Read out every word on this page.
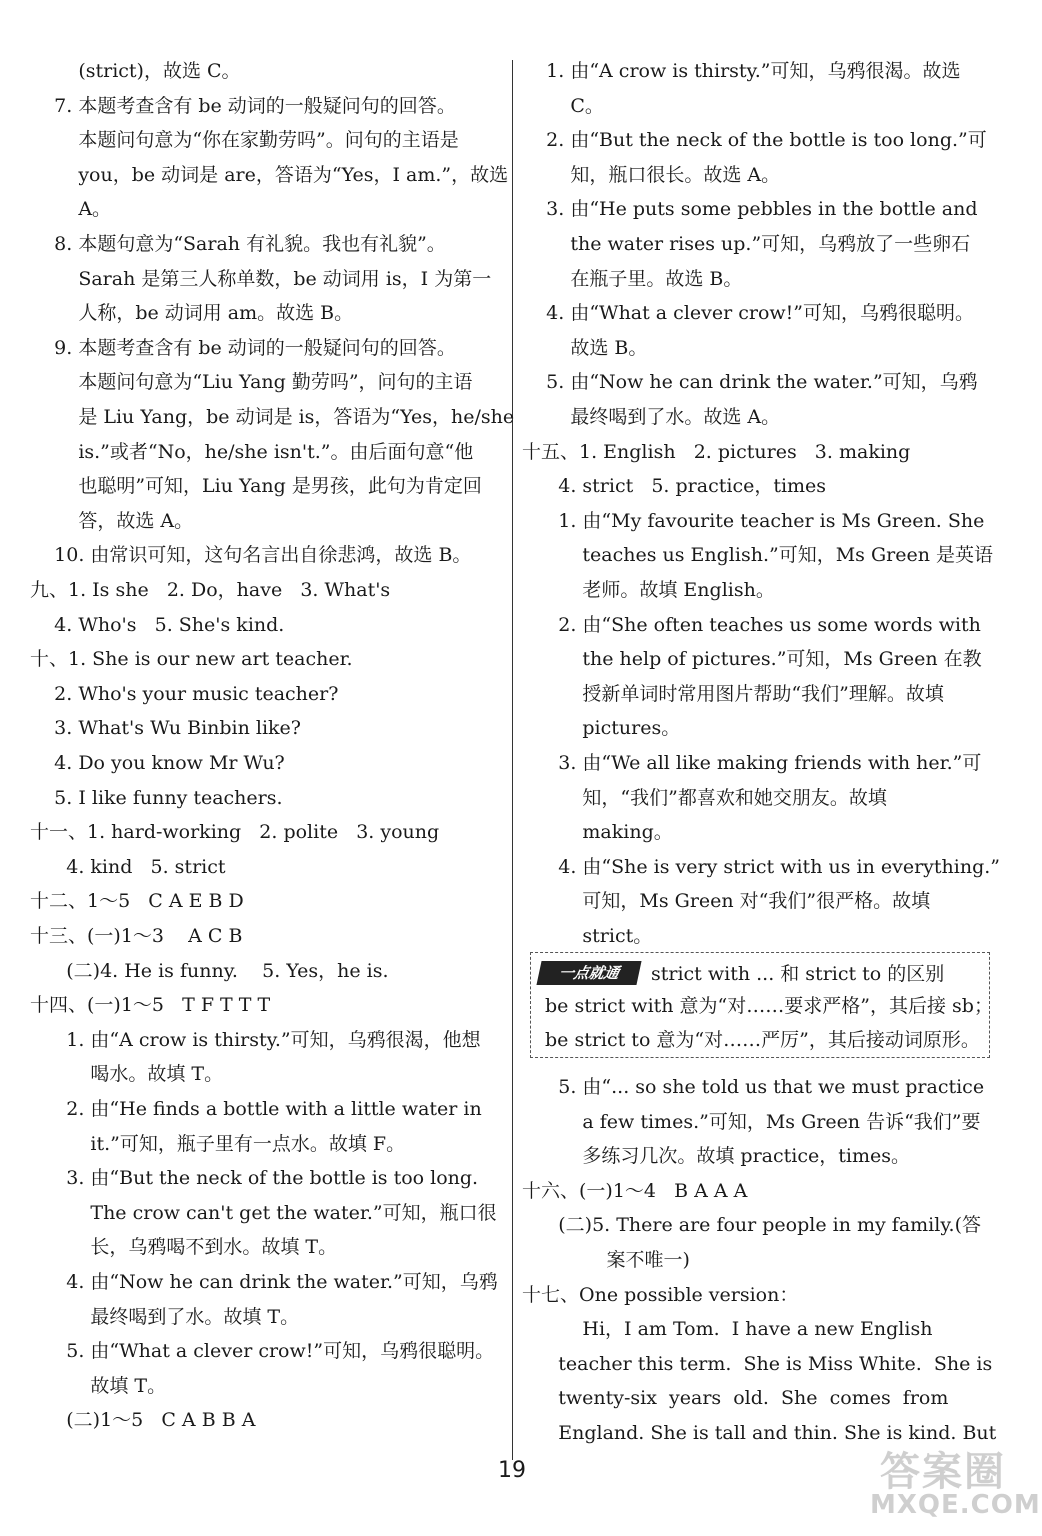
(strict)，故选 C。
7. 本题考查含有 be 动词的一般疑问句的回答。
本题问句意为“你在家勤劳吗”。问句的主语是
you，be 动词是 are，答语为“Yes，I am.”，故选
A。
8. 本题句意为“Sarah 有礼貌。我也有礼貌”。
Sarah 是第三人称单数，be 动词用 is，I 为第一
人称，be 动词用 am。故选 B。
9. 本题考查含有 be 动词的一般疑问句的回答。
本题问句意为“Liu Yang 勤劳吗”，问句的主语
是 Liu Yang，be 动词是 is，答语为“Yes，he/she
is.”或者“No，he/she isn't.”。由后面句意“他
也聪明”可知，Liu Yang 是男孩，此句为肯定回
答，故选 A。
10. 由常识可知，这句名言出自徐悲鸿，故选 B。
九、1. Is she   2. Do，have   3. What's
4. Who's   5. She's kind.
十、1. She is our new art teacher.
2. Who's your music teacher?
3. What's Wu Binbin like?
4. Do you know Mr Wu?
5. I like funny teachers.
十一、1. hard-working   2. polite   3. young
4. kind   5. strict
十二、1～5   C A E B D
十三、(一)1～3    A C B
(二)4. He is funny.    5. Yes，he is.
十四、(一)1～5   T F T T T
1. 由“A crow is thirsty.”可知，乌鸦很渴，他想
喝水。故填 T。
2. 由“He finds a bottle with a little water in
it.”可知，瓶子里有一点水。故填 F。
3. 由“But the neck of the bottle is too long.
The crow can't get the water.”可知，瓶口很
长，乌鸦喝不到水。故填 T。
4. 由“Now he can drink the water.”可知，乌鸦
最终喝到了水。故填 T。
5. 由“What a clever crow!”可知，乌鸦很聪明。
故填 T。
(二)1～5   C A B B A
1. 由“A crow is thirsty.”可知，乌鸦很渴。故选
C。
2. 由“But the neck of the bottle is too long.”可
知，瓶口很长。故选 A。
3. 由“He puts some pebbles in the bottle and
the water rises up.”可知，乌鸦放了一些卵石
在瓶子里。故选 B。
4. 由“What a clever crow!”可知，乌鸦很聪明。
故选 B。
5. 由“Now he can drink the water.”可知，乌鸦
最终喝到了水。故选 A。
十五、1. English   2. pictures   3. making
4. strict   5. practice，times
1. 由“My favourite teacher is Ms Green. She
teaches us English.”可知，Ms Green 是英语
老师。故填 English。
2. 由“She often teaches us some words with
the help of pictures.”可知，Ms Green 在教
授新单词时常用图片帮助“我们”理解。故填
pictures。
3. 由“We all like making friends with her.”可
知，“我们”都喜欢和她交朋友。故填
making。
4. 由“She is very strict with us in everything.”
可知，Ms Green 对“我们”很严格。故填
strict。
5. 由“... so she told us that we must practice
a few times.”可知，Ms Green 告诉“我们”要
多练习几次。故填 practice，times。
十六、(一)1～4   B A A A
(二)5. There are four people in my family.(答
案不唯一)
十七、One possible version：
Hi，I am Tom.  I have a new English
teacher this term.  She is Miss White.  She is
twenty-six  years  old.  She  comes  from
England. She is tall and thin. She is kind. But
一点就通	strict with ... 和 strict to 的区别
be strict with 意为“对……要求严格”，其后接 sb；
be strict to 意为“对……严厉”，其后接动词原形。
19	答案圈
MXQE.COM
